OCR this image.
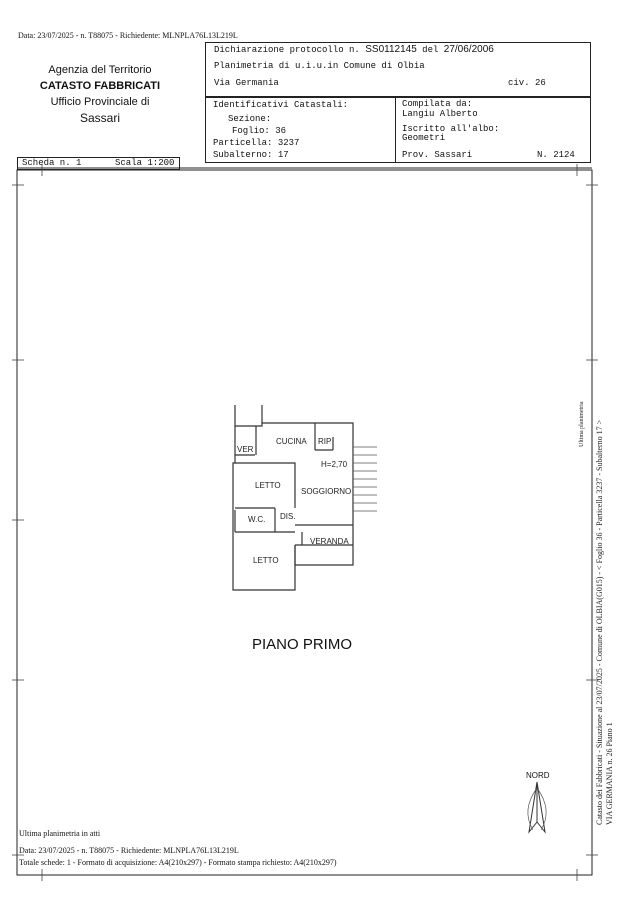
Data: 23/07/2025 - n. T88075 - Richiedente: MLNPLA76L13L219L
Agenzia del Territorio
CATASTO FABBRICATI
Ufficio Provinciale di
Sassari
Dichiarazione protocollo n. SS0112145 del 27/06/2006
Planimetria di u.i.u.in Comune di Olbia
Via Germania	civ. 26
Identificativi Catastali:
Sezione:
Foglio: 36
Particella: 3237
Subalterno: 17
Compilata da:
Langiu Alberto
Iscritto all'albo:
Geometri
Prov. Sassari	N. 2124
Scheda n. 1	Scala 1:200
VER
CUCINA RIP
H=2,70
LETTO
SOGGIORNO
W.C. DIS.
VERANDA
LETTO
PIANO PRIMO
NORD	Catasto dei Fabbricati - Situazione al 23/07/2025 - Comune di OLBIA(G015) - < Foglio 36 - Particella 3237 - Subalterno 17 > VIA GERMANIA n. 26 Piano 1
Ultima planimetria
Ultima planimetria in atti
Data: 23/07/2025 - n. T88075 - Richiedente: MLNPLA76L13L219L
Totale schede: 1 - Formato di acquisizione: A4(210x297) - Formato stampa richiesto: A4(210x297)
